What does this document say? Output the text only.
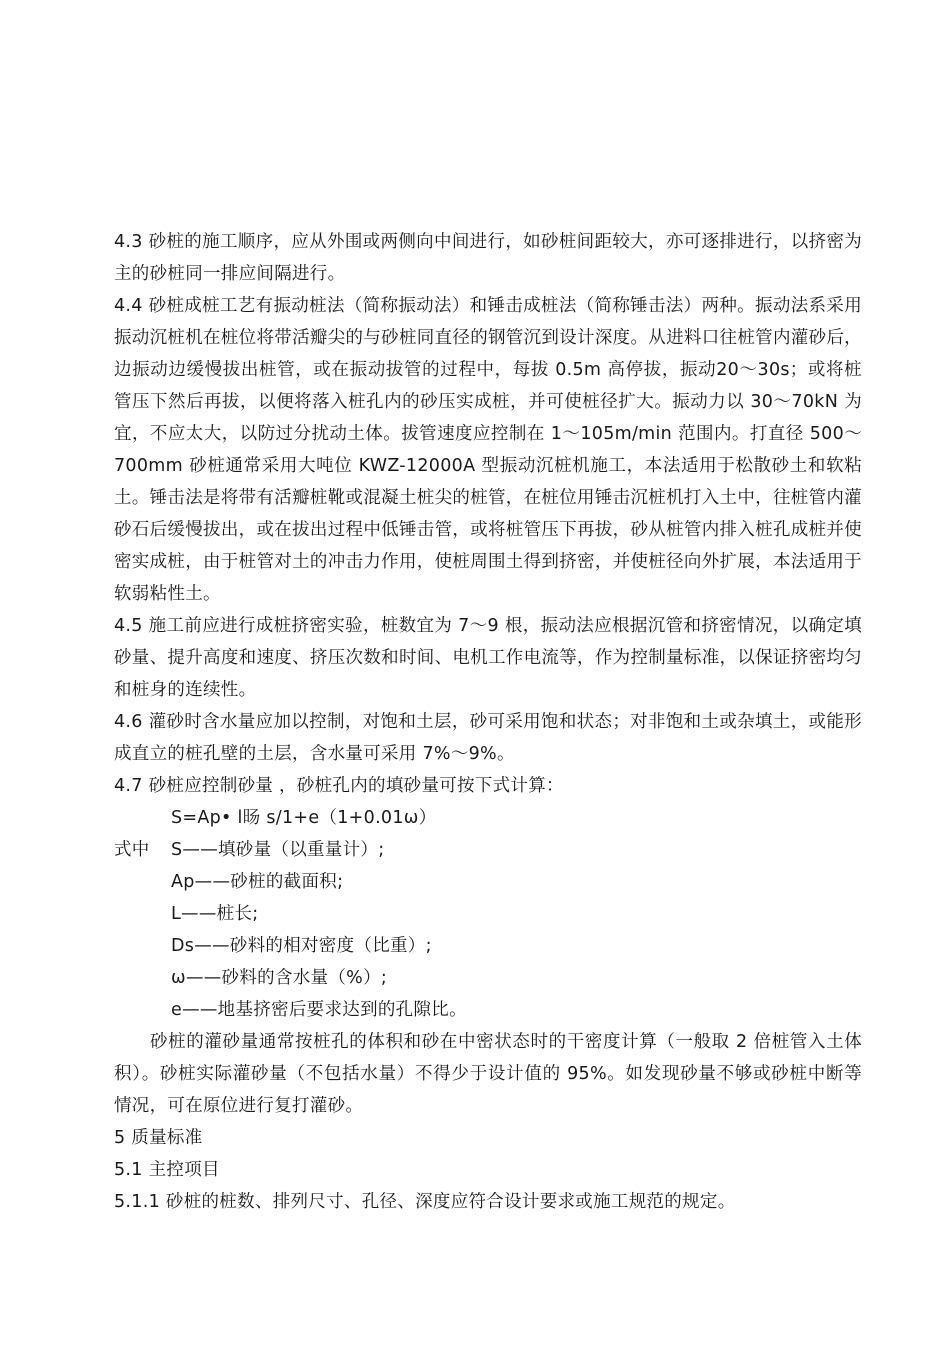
4.3 砂桩的施工顺序，应从外围或两侧向中间进行，如砂桩间距较大，亦可逐排进行，以挤密为主的砂桩同一排应间隔进行。

4.4 砂桩成桩工艺有振动桩法（简称振动法）和锤击成桩法（简称锤击法）两种。振动法系采用振动沉桩机在桩位将带活瓣尖的与砂桩同直径的钢管沉到设计深度。从进料口往桩管内灌砂后，边振动边缓慢拔出桩管，或在振动拔管的过程中，每拔 0.5m 高停拔，振动20～30s；或将桩管压下然后再拔，以便将落入桩孔内的砂压实成桩，并可使桩径扩大。振动力以 30～70kN 为宜，不应太大，以防过分扰动土体。拔管速度应控制在 1～105m/min 范围内。打直径 500～700mm 砂桩通常采用大吨位 KWZ-12000A 型振动沉桩机施工，本法适用于松散砂土和软粘土。锤击法是将带有活瓣桩靴或混凝土桩尖的桩管，在桩位用锤击沉桩机打入土中，往桩管内灌砂石后缓慢拔出，或在拔出过程中低锤击管，或将桩管压下再拔，砂从桩管内排入桩孔成桩并使密实成桩，由于桩管对土的冲击力作用，使桩周围土得到挤密，并使桩径向外扩展，本法适用于软弱粘性土。

4.5 施工前应进行成桩挤密实验，桩数宜为 7～9 根，振动法应根据沉管和挤密情况，以确定填砂量、提升高度和速度、挤压次数和时间、电机工作电流等，作为控制量标准，以保证挤密均匀和桩身的连续性。

4.6 灌砂时含水量应加以控制，对饱和土层，砂可采用饱和状态；对非饱和土或杂填土，或能形成直立的桩孔壁的土层，含水量可采用 7%～9%。

4.7 砂桩应控制砂量 ，砂桩孔内的填砂量可按下式计算：

S=Ap• l旸 s/1+e（1+0.01ω）

式中 S——填砂量（以重量计）;

Ap——砂桩的截面积;

L——桩长;

Ds——砂料的相对密度（比重）;

ω——砂料的含水量（%）;

e——地基挤密后要求达到的孔隙比。

砂桩的灌砂量通常按桩孔的体积和砂在中密状态时的干密度计算（一般取 2 倍桩管入土体积）。砂桩实际灌砂量（不包括水量）不得少于设计值的 95%。如发现砂量不够或砂桩中断等情况，可在原位进行复打灌砂。

5 质量标准

5.1 主控项目

5.1.1 砂桩的桩数、排列尺寸、孔径、深度应符合设计要求或施工规范的规定。
